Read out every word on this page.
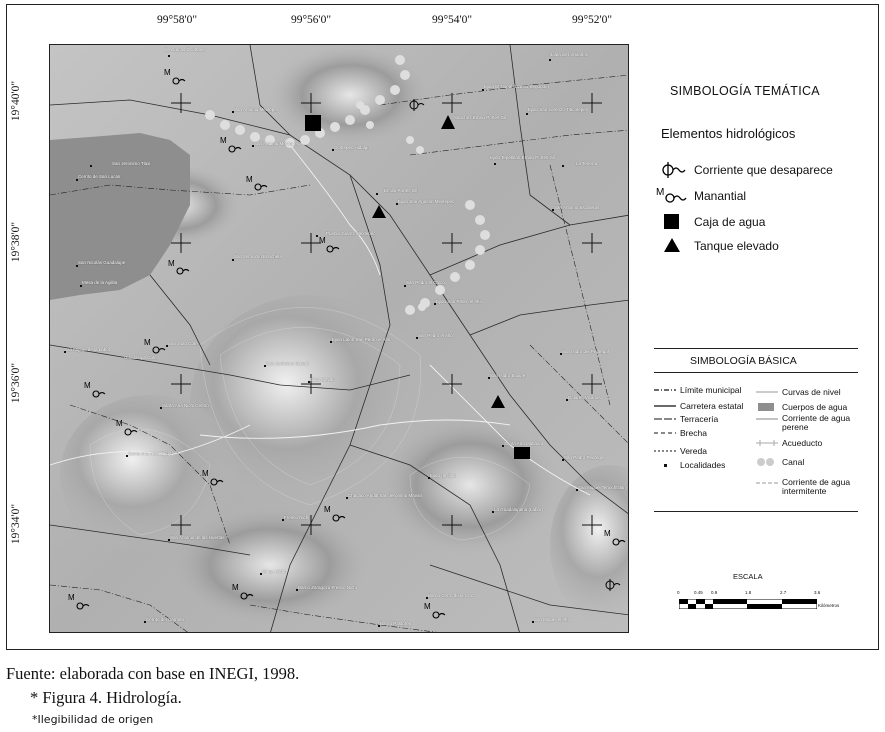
99°58'0"	99°56'0"	99°54'0"	99°52'0"
19°40'0"
19°38'0"
19°36'0"
19°34'0"
M
M
M
M
M
M
M
M
M
M
M
M
M
M
San Lucas Ocotepec
Jalpa de los Baños
Ejido El Nopal (Llanito Segundo)
San Antonio Mextepec	Ejido San Lorenzo Tlacotepec
San Antonio Mextepec
Ocotepec Hidalgo
Sanchez Emilio Portes Gil
San Jeronimo Tlaxi
Cerrito de San Lucas
Ejido Tepetitlán Emilio Portes Gil
La Tenería
Emilio Portes Gil
Ejido San Agustín Mextepec
San Antonio Escaleras
Pueblo Juárez Mextepec
San Jerónimo Bonchete
San Nicolás Guadalupe
Mesa de la Agilita	San Pedro el Chico
Ejido San Pedro el Alto
San Pedro el Alto
Ejido Lalón San Pedro el Alto
San Miguel de la Labor
San Juan Coté
Guadalupe Coté
San Jerónimo Mavati
Ejido Mavati
San Isidro Boxipe
San Isidro del Pedregal
Santa Ana Nichi Centro
Santa Ana Nichi Ejido
Santa Ana Matlavat
San Pedro Pedregal
Ejido de Jilot
Dolores Vicarios
Chacaco Andal San Jerónimo Mavati
San Miguel Tenochtitlán
Fresno Nichi
San Antonio de las Huertas
La Guadalupana (Labor)
Minas Nichi
Barrio Zaragoza Fresno Nichi
Barrio Cerro de la Cruz
Cerrito del Carmen
Barrio Pastores
San Miguel el Alto
SIMBOLOGÍA TEMÁTICA
Elementos hidrológicos
Corriente que desaparece
M Manantial
Caja de agua
Tanque elevado
SIMBOLOGÍA BÁSICA
Límite municipal
Carretera estatal
Terracería
Brecha
Vereda
Localidades
Curvas de nivel
Cuerpos de agua
Corriente de agua perene
Acueducto
Canal
Corriente de agua intermitente
ESCALA
0	0.45 0.9	1.8	2.7	3.6
Kilómetros
Fuente: elaborada con base en INEGI, 1998.
* Figura 4. Hidrología.
*Ilegibilidad de origen
